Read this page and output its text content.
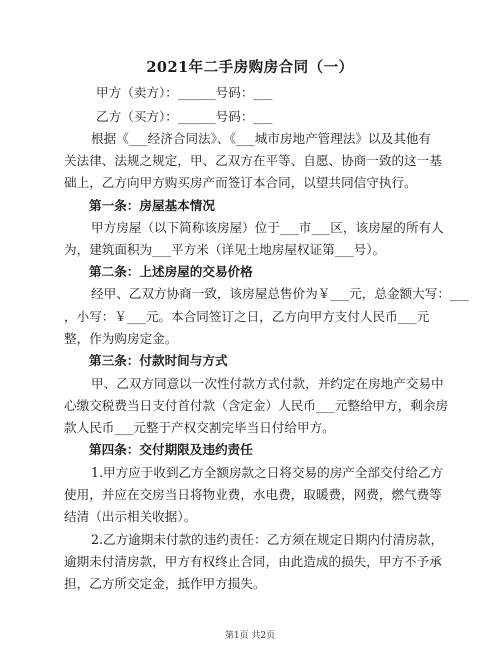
2021年二手房购房合同（一）
甲方（卖方）：______号码：___
乙方（买方）：______号码：___
根据《___经济合同法》、《___城市房地产管理法》以及其他有
关法律、法规之规定，甲、乙双方在平等、自愿、协商一致的这一基
础上，乙方向甲方购买房产而签订本合同，以望共同信守执行。
第一条：房屋基本情况
甲方房屋（以下简称该房屋）位于___市___区，该房屋的所有人
为，建筑面积为___平方米（详见土地房屋权证第___号）。
第二条：上述房屋的交易价格
经甲、乙双方协商一致，该房屋总售价为￥___元，总金额大写：___
，小写：￥___元。本合同签订之日，乙方向甲方支付人民币___元
整，作为购房定金。
第三条：付款时间与方式
甲、乙双方同意以一次性付款方式付款，并约定在房地产交易中
心缴交税费当日支付首付款（含定金）人民币___元整给甲方，剩余房
款人民币___元整于产权交割完毕当日付给甲方。
第四条：交付期限及违约责任
1.甲方应于收到乙方全额房款之日将交易的房产全部交付给乙方
使用，并应在交房当日将物业费，水电费，取暖费，网费，燃气费等
结清（出示相关收据）。
2.乙方逾期未付款的违约责任：乙方须在规定日期内付清房款，
逾期未付清房款，甲方有权终止合同，由此造成的损失，甲方不予承
担，乙方所交定金，抵作甲方损失。
第1页 共2页
